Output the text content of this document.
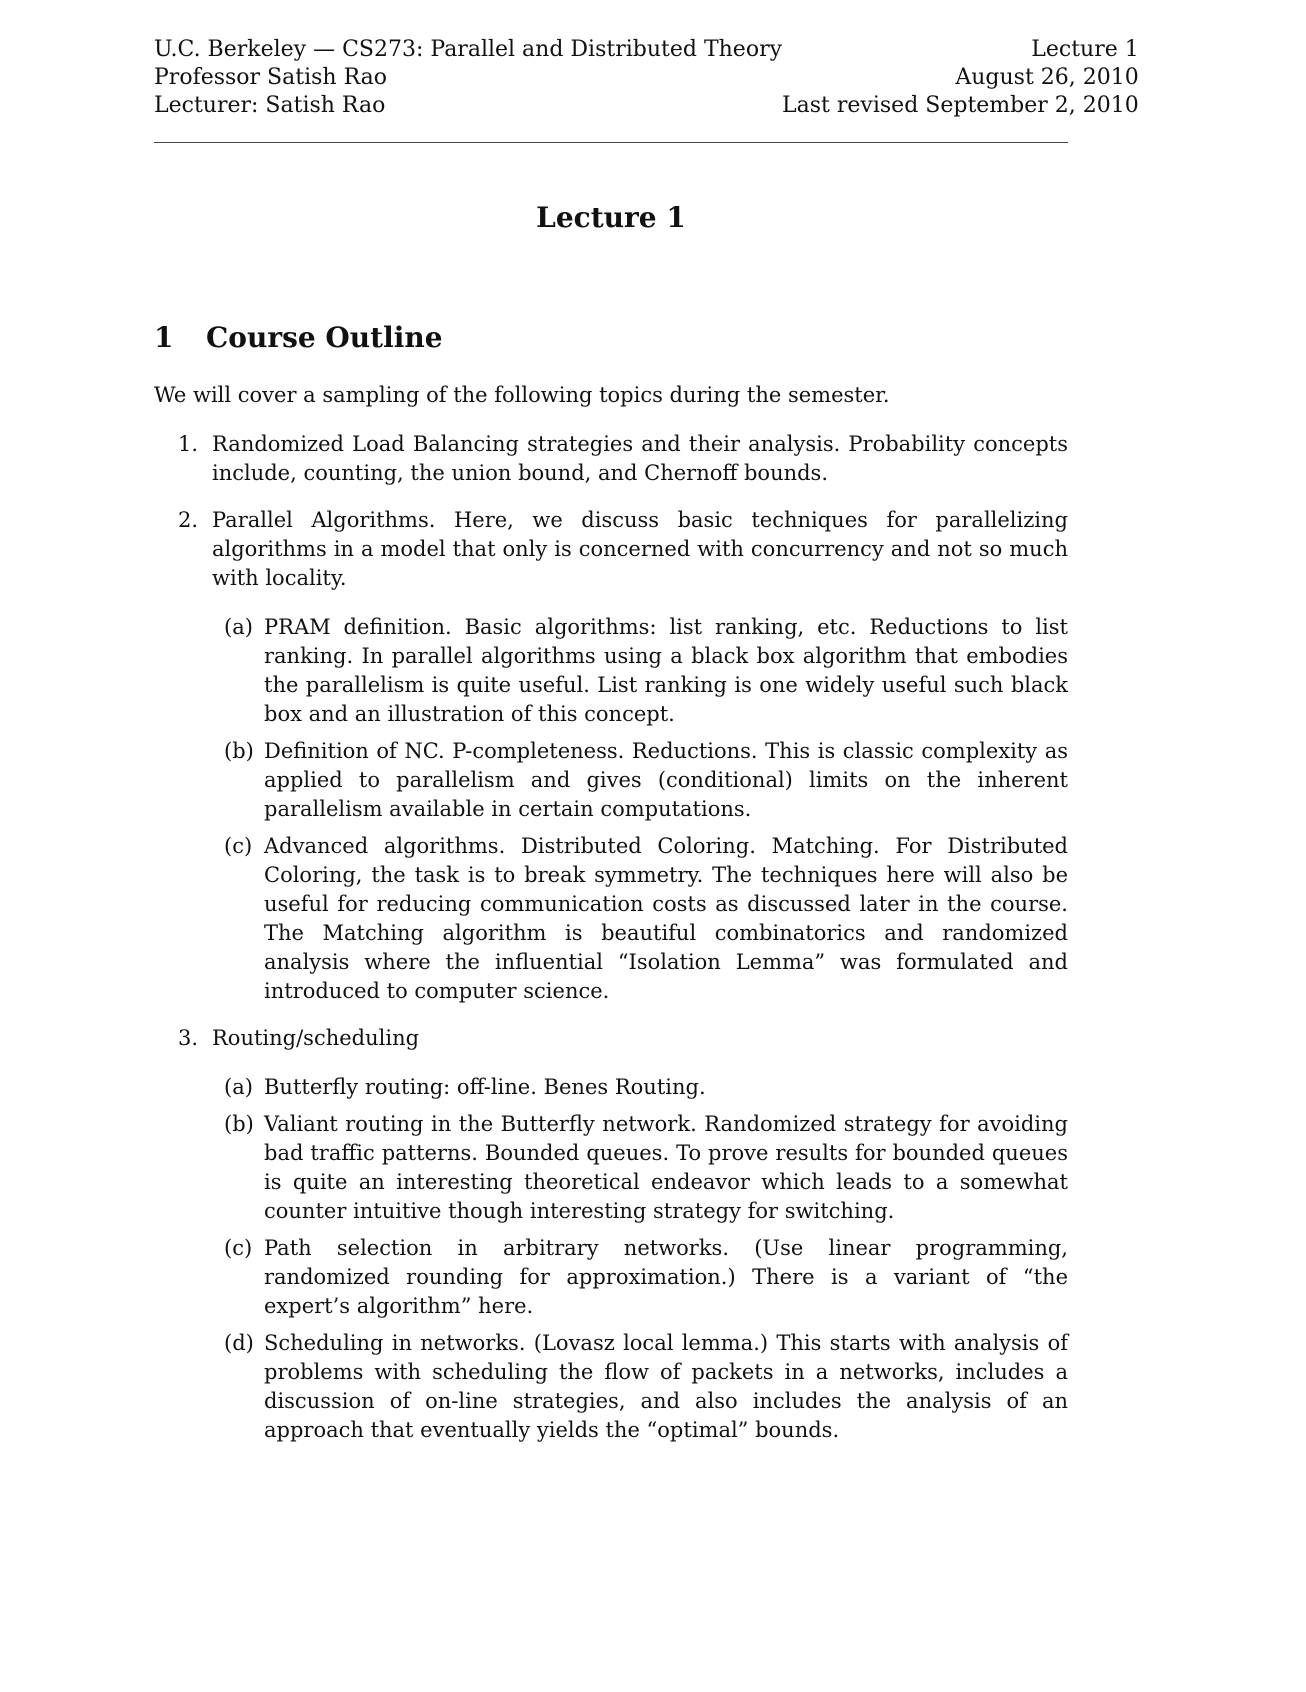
U.C. Berkeley — CS273: Parallel and Distributed Theory
Professor Satish Rao
Lecturer: Satish Rao
Lecture 1
August 26, 2010
Last revised September 2, 2010
Lecture 1
1	Course Outline
We will cover a sampling of the following topics during the semester.
1. Randomized Load Balancing strategies and their analysis. Probability concepts include, counting, the union bound, and Chernoff bounds.
2. Parallel Algorithms. Here, we discuss basic techniques for parallelizing algorithms in a model that only is concerned with concurrency and not so much with locality.
(a) PRAM definition. Basic algorithms: list ranking, etc. Reductions to list ranking. In parallel algorithms using a black box algorithm that embodies the parallelism is quite useful. List ranking is one widely useful such black box and an illustration of this concept.
(b) Definition of NC. P-completeness. Reductions. This is classic complexity as applied to parallelism and gives (conditional) limits on the inherent parallelism available in certain computations.
(c) Advanced algorithms. Distributed Coloring. Matching. For Distributed Coloring, the task is to break symmetry. The techniques here will also be useful for reducing communication costs as discussed later in the course. The Matching algorithm is beautiful combinatorics and randomized analysis where the influential “Isolation Lemma” was formulated and introduced to computer science.
3. Routing/scheduling
(a) Butterfly routing: off-line. Benes Routing.
(b) Valiant routing in the Butterfly network. Randomized strategy for avoiding bad traffic patterns. Bounded queues. To prove results for bounded queues is quite an interesting theoretical endeavor which leads to a somewhat counter intuitive though interesting strategy for switching.
(c) Path selection in arbitrary networks. (Use linear programming, randomized rounding for approximation.) There is a variant of “the expert’s algorithm” here.
(d) Scheduling in networks. (Lovasz local lemma.) This starts with analysis of problems with scheduling the flow of packets in a networks, includes a discussion of on-line strategies, and also includes the analysis of an approach that eventually yields the “optimal” bounds.
